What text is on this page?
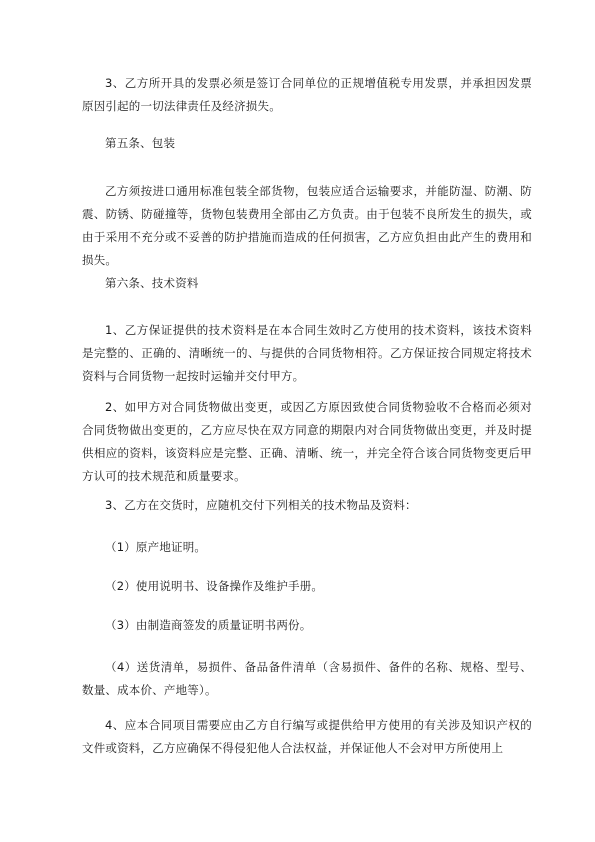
3、乙方所开具的发票必须是签订合同单位的正规增值税专用发票，并承担因发票原因引起的一切法律责任及经济损失。

第五条、包装

乙方须按进口通用标准包装全部货物，包装应适合运输要求，并能防湿、防潮、防震、防锈、防碰撞等，货物包装费用全部由乙方负责。由于包装不良所发生的损失，或由于采用不充分或不妥善的防护措施而造成的任何损害，乙方应负担由此产生的费用和损失。

第六条、技术资料

1、乙方保证提供的技术资料是在本合同生效时乙方使用的技术资料，该技术资料是完整的、正确的、清晰统一的、与提供的合同货物相符。乙方保证按合同规定将技术资料与合同货物一起按时运输并交付甲方。

2、如甲方对合同货物做出变更，或因乙方原因致使合同货物验收不合格而必须对合同货物做出变更的，乙方应尽快在双方同意的期限内对合同货物做出变更，并及时提供相应的资料，该资料应是完整、正确、清晰、统一，并完全符合该合同货物变更后甲方认可的技术规范和质量要求。

3、乙方在交货时，应随机交付下列相关的技术物品及资料：

（1）原产地证明。

（2）使用说明书、设备操作及维护手册。

（3）由制造商签发的质量证明书两份。

（4）送货清单，易损件、备品备件清单（含易损件、备件的名称、规格、型号、数量、成本价、产地等）。

4、应本合同项目需要应由乙方自行编写或提供给甲方使用的有关涉及知识产权的文件或资料，乙方应确保不得侵犯他人合法权益，并保证他人不会对甲方所使用上
